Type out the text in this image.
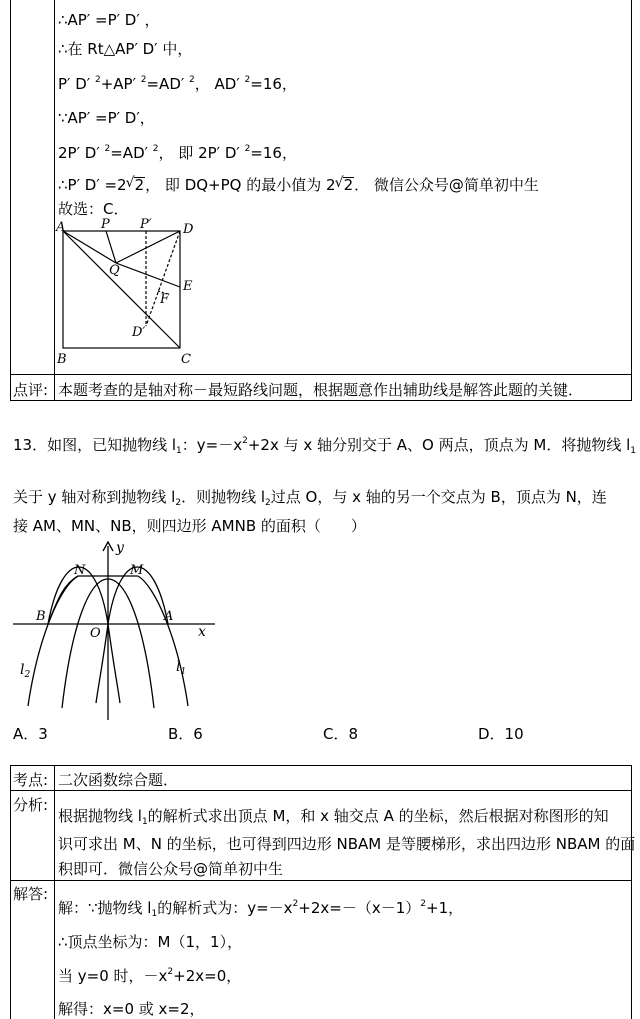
∴AP′ =P′ D′ ，
∴在 Rt△AP′ D′ 中，
P′ D′ $^2$+AP′ $^2$=AD′ $^2$， AD′ $^2$=16，
∵AP′ =P′ D′，
2P′ D′ $^2$=AD′ $^2$， 即 2P′ D′ $^2$=16，
∴P′ D′ =2 √ 2， 即 DQ+PQ 的最小值为 2 √ 2． 微信公众号@简单初中生
故选：C．
A	P P′ D
Q
E
F
D′
B	C
点评: 本题考查的是轴对称－最短路线问题，根据题意作出辅助线是解答此题的关键．
13．如图，已知抛物线 $l_1$：$y=-x^2+2x$ 与 x 轴分别交于 A、O 两点，顶点为 M．将抛物线 $l_1$
关于 y 轴对称到抛物线 $l_2$．则抛物线 $l_2$过点 O，与 x 轴的另一个交点为 B，顶点为 N，连
接 AM、MN、NB，则四边形 AMNB 的面积（　　）
y
x
N	M
B
O
A
$l_2$	$l_1$
A．3	B．6	C．8	D．10
考点: 二次函数综合题．
分析:
根据抛物线 $l_1$的解析式求出顶点 M，和 x 轴交点 A 的坐标，然后根据对称图形的知
识可求出 M、N 的坐标，也可得到四边形 NBAM 是等腰梯形，求出四边形 NBAM 的面
积即可．微信公众号@简单初中生
解答:
解：∵抛物线 $l_1$的解析式为：$y=-x^2+2x=-(x-1)^2+1$，
∴顶点坐标为：M（1，1），
当 y=0 时，$-x^2+2x=0$，
解得：x=0 或 x=2，
